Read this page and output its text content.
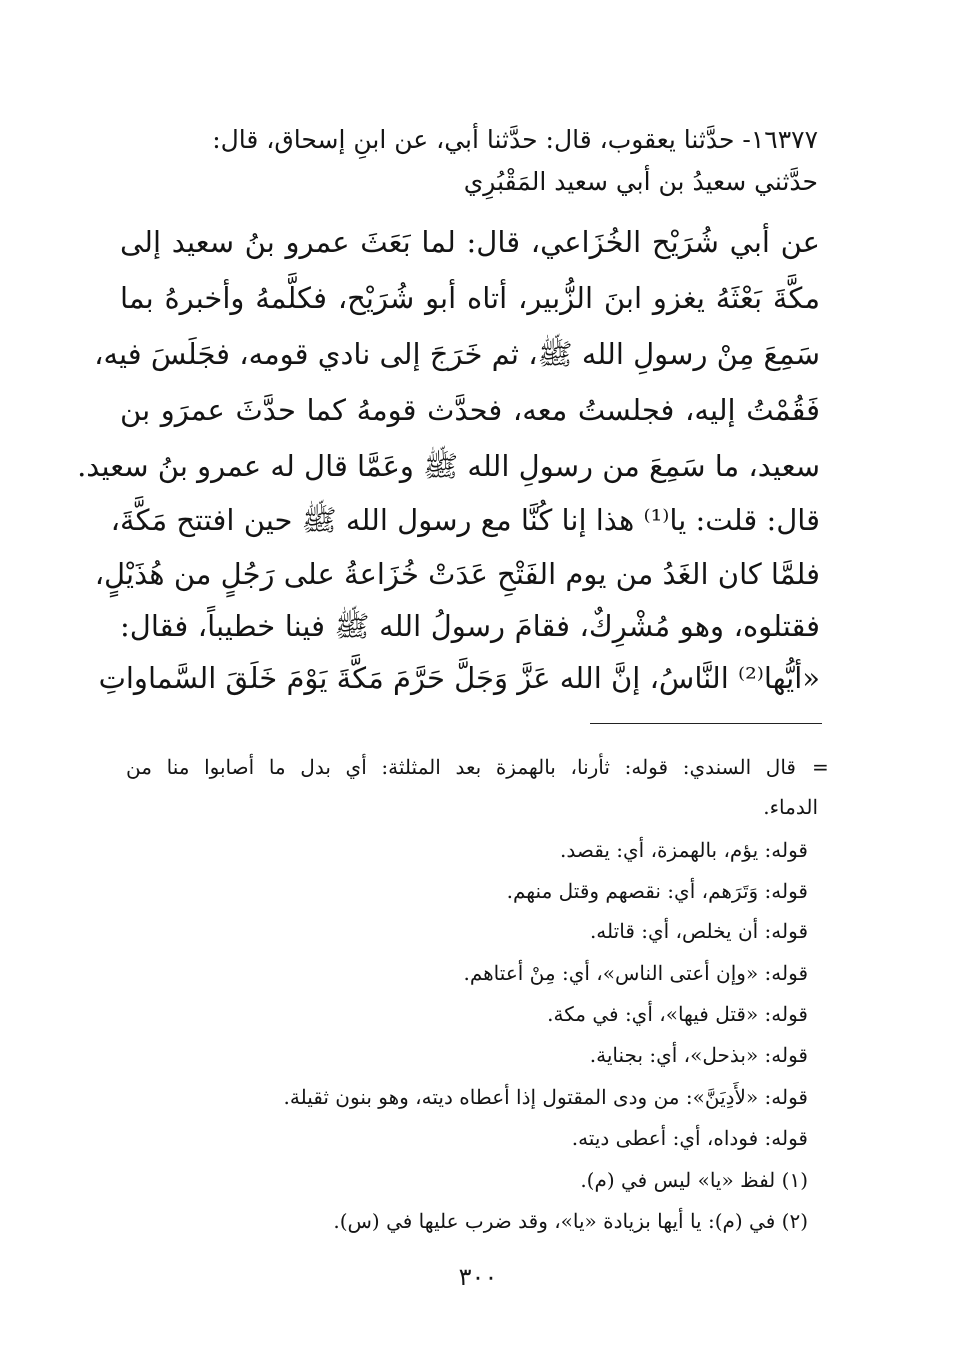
١٦٣٧٧- حدَّثنا يعقوب، قال: حدَّثنا أبي، عن ابنِ إسحاق، قال:
حدَّثني سعيدُ بن أبي سعيد المَقْبُرِي
عن أبي شُرَيْح الخُزَاعي، قال: لما بَعَثَ عمرو بنُ سعيد إلى
مكَّةَ بَعْثَهُ يغزو ابنَ الزُّبير، أتاه أبو شُرَيْح، فكلَّمهُ وأخبرهُ بما
سَمِعَ مِنْ رسولِ الله ﷺ، ثم خَرَجَ إلى نادي قومه، فجَلَسَ فيه،
فَقُمْتُ إليه، فجلستُ معه، فحدَّث قومهُ كما حدَّثَ عمرَو بن
سعيد، ما سَمِعَ من رسولِ الله ﷺ وعَمَّا قال له عمرو بنُ سعيد.
قال: قلت: يا⁽¹⁾ هذا إنا كُنَّا مع رسول الله ﷺ حين افتتح مَكَّةَ،
فلمَّا كان الغَدُ من يوم الفَتْحِ عَدَتْ خُزَاعةُ على رَجُلٍ من هُذَيْلٍ،
فقتلوه، وهو مُشْرِكٌ، فقامَ رسولُ الله ﷺ فينا خطيباً، فقال:
«أيُّها⁽²⁾ النَّاسُ، إنَّ الله عَزَّ وَجَلَّ حَرَّمَ مَكَّةَ يَوْمَ خَلَقَ السَّماواتِ
=
قال السندي: قوله: ثأرنا، بالهمزة بعد المثلثة: أي بدل ما أصابوا منا من
الدماء.
قوله: يؤم، بالهمزة، أي: يقصد.
قوله: وَتَرَهم، أي: نقصهم وقتل منهم.
قوله: أن يخلص، أي: قاتله.
قوله: «وإن أعتى الناس»، أي: مِنْ أعتاهم.
قوله: «قتل فيها»، أي: في مكة.
قوله: «بذحل»، أي: بجناية.
قوله: «لأَدِيَنَّ»: من ودى المقتول إذا أعطاه ديته، وهو بنون ثقيلة.
قوله: فوداه، أي: أعطى ديته.
(١) لفظ «يا» ليس في (م).
(٢) في (م): يا أيها بزيادة «يا»، وقد ضرب عليها في (س).
٣٠٠
